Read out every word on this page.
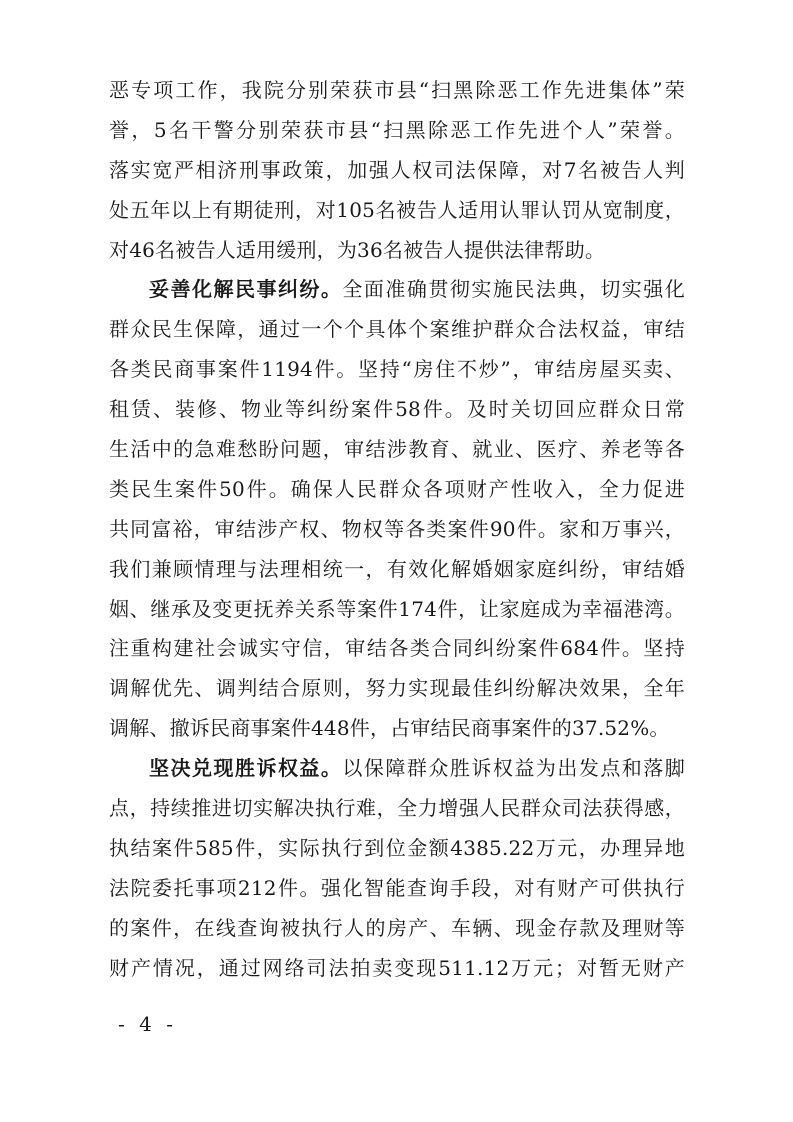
恶专项工作，我院分别荣获市县“扫黑除恶工作先进集体”荣
誉，5名干警分别荣获市县“扫黑除恶工作先进个人”荣誉。
落实宽严相济刑事政策，加强人权司法保障，对7名被告人判
处五年以上有期徒刑，对105名被告人适用认罪认罚从宽制度，
对46名被告人适用缓刑，为36名被告人提供法律帮助。
妥善化解民事纠纷。全面准确贯彻实施民法典，切实强化
群众民生保障，通过一个个具体个案维护群众合法权益，审结
各类民商事案件1194件。坚持“房住不炒”，审结房屋买卖、
租赁、装修、物业等纠纷案件58件。及时关切回应群众日常
生活中的急难愁盼问题，审结涉教育、就业、医疗、养老等各
类民生案件50件。确保人民群众各项财产性收入，全力促进
共同富裕，审结涉产权、物权等各类案件90件。家和万事兴，
我们兼顾情理与法理相统一，有效化解婚姻家庭纠纷，审结婚
姻、继承及变更抚养关系等案件174件，让家庭成为幸福港湾。
注重构建社会诚实守信，审结各类合同纠纷案件684件。坚持
调解优先、调判结合原则，努力实现最佳纠纷解决效果，全年
调解、撤诉民商事案件448件，占审结民商事案件的37.52%。
坚决兑现胜诉权益。以保障群众胜诉权益为出发点和落脚
点，持续推进切实解决执行难，全力增强人民群众司法获得感，
执结案件585件，实际执行到位金额4385.22万元，办理异地
法院委托事项212件。强化智能查询手段，对有财产可供执行
的案件，在线查询被执行人的房产、车辆、现金存款及理财等
财产情况，通过网络司法拍卖变现511.12万元；对暂无财产
- 4 -
